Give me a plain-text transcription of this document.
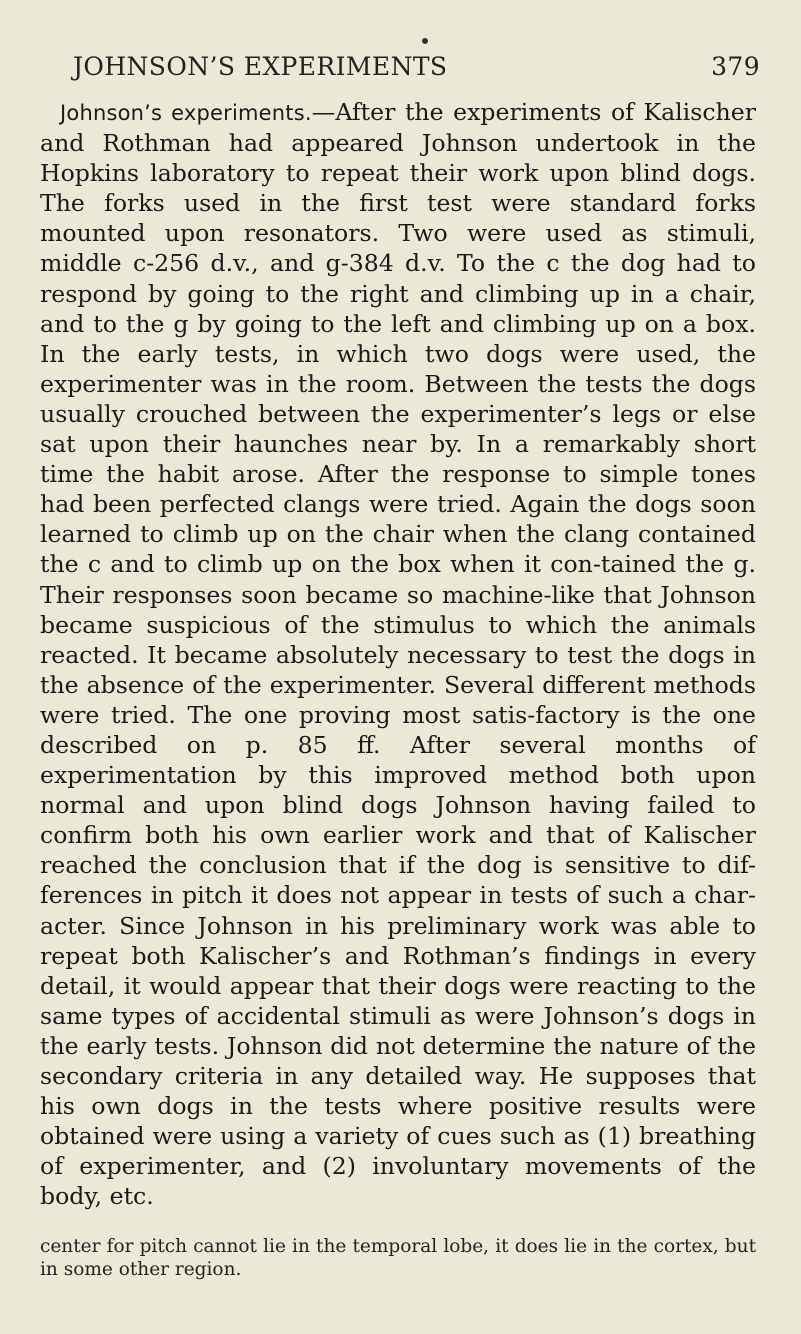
JOHNSON’S EXPERIMENTS	379

Johnson’s experiments.—After the experiments of Kalischer and Rothman had appeared Johnson undertook in the Hopkins laboratory to repeat their work upon blind dogs. The forks used in the first test were standard forks mounted upon resonators. Two were used as stimuli, middle c-256 d.v., and g-384 d.v. To the c the dog had to respond by going to the right and climbing up in a chair, and to the g by going to the left and climbing up on a box. In the early tests, in which two dogs were used, the experimenter was in the room. Between the tests the dogs usually crouched between the experimenter’s legs or else sat upon their haunches near by. In a remarkably short time the habit arose. After the response to simple tones had been perfected clangs were tried. Again the dogs soon learned to climb up on the chair when the clang contained the c and to climb up on the box when it con-tained the g. Their responses soon became so machine-like that Johnson became suspicious of the stimulus to which the animals reacted. It became absolutely necessary to test the dogs in the absence of the experimenter. Several different methods were tried. The one proving most satis-factory is the one described on p. 85 ff. After several months of experimentation by this improved method both upon normal and upon blind dogs Johnson having failed to confirm both his own earlier work and that of Kalischer reached the conclusion that if the dog is sensitive to dif-ferences in pitch it does not appear in tests of such a char-acter. Since Johnson in his preliminary work was able to repeat both Kalischer’s and Rothman’s findings in every detail, it would appear that their dogs were reacting to the same types of accidental stimuli as were Johnson’s dogs in the early tests. Johnson did not determine the nature of the secondary criteria in any detailed way. He supposes that his own dogs in the tests where positive results were obtained were using a variety of cues such as (1) breathing of experimenter, and (2) involuntary movements of the body, etc.

center for pitch cannot lie in the temporal lobe, it does lie in the cortex, but in some other region.
